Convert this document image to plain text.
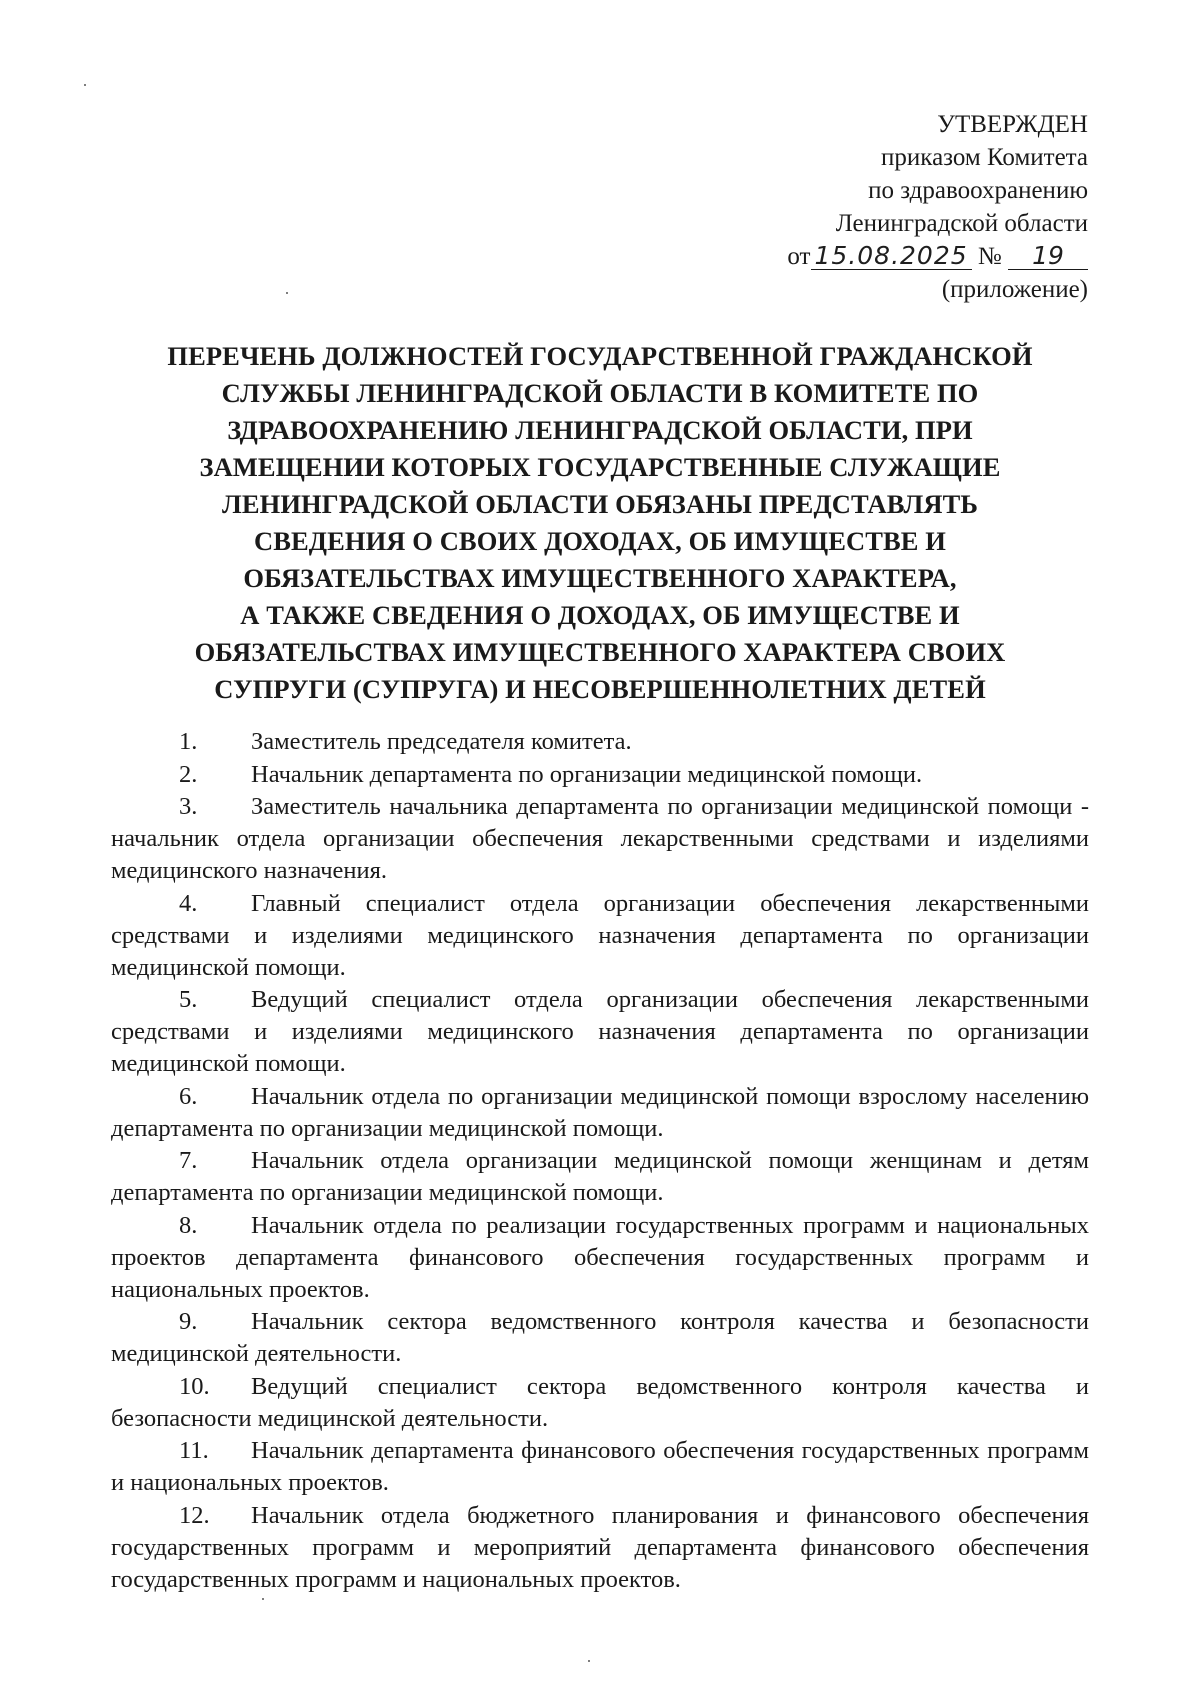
УТВЕРЖДЕН
приказом Комитета
по здравоохранению
Ленинградской области
от 15.08.2025 № 19
(приложение)
ПЕРЕЧЕНЬ ДОЛЖНОСТЕЙ ГОСУДАРСТВЕННОЙ ГРАЖДАНСКОЙ
СЛУЖБЫ ЛЕНИНГРАДСКОЙ ОБЛАСТИ В КОМИТЕТЕ ПО
ЗДРАВООХРАНЕНИЮ ЛЕНИНГРАДСКОЙ ОБЛАСТИ, ПРИ
ЗАМЕЩЕНИИ КОТОРЫХ ГОСУДАРСТВЕННЫЕ СЛУЖАЩИЕ
ЛЕНИНГРАДСКОЙ ОБЛАСТИ ОБЯЗАНЫ ПРЕДСТАВЛЯТЬ
СВЕДЕНИЯ О СВОИХ ДОХОДАХ, ОБ ИМУЩЕСТВЕ И
ОБЯЗАТЕЛЬСТВАХ ИМУЩЕСТВЕННОГО ХАРАКТЕРА,
А ТАКЖЕ СВЕДЕНИЯ О ДОХОДАХ, ОБ ИМУЩЕСТВЕ И
ОБЯЗАТЕЛЬСТВАХ ИМУЩЕСТВЕННОГО ХАРАКТЕРА СВОИХ
СУПРУГИ (СУПРУГА) И НЕСОВЕРШЕННОЛЕТНИХ ДЕТЕЙ

1. Заместитель председателя комитета.

2. Начальник департамента по организации медицинской помощи.

3. Заместитель начальника департамента по организации медицинской помощи - начальник отдела организации обеспечения лекарственными средствами и изделиями медицинского назначения.

4. Главный специалист отдела организации обеспечения лекарственными средствами и изделиями медицинского назначения департамента по организации медицинской помощи.

5. Ведущий специалист отдела организации обеспечения лекарственными средствами и изделиями медицинского назначения департамента по организации медицинской помощи.

6. Начальник отдела по организации медицинской помощи взрослому населению департамента по организации медицинской помощи.

7. Начальник отдела организации медицинской помощи женщинам и детям департамента по организации медицинской помощи.

8. Начальник отдела по реализации государственных программ и национальных проектов департамента финансового обеспечения государственных программ и национальных проектов.

9. Начальник сектора ведомственного контроля качества и безопасности медицинской деятельности.

10. Ведущий специалист сектора ведомственного контроля качества и безопасности медицинской деятельности.

11. Начальник департамента финансового обеспечения государственных программ и национальных проектов.

12. Начальник отдела бюджетного планирования и финансового обеспечения государственных программ и мероприятий департамента финансового обеспечения государственных программ и национальных проектов.
